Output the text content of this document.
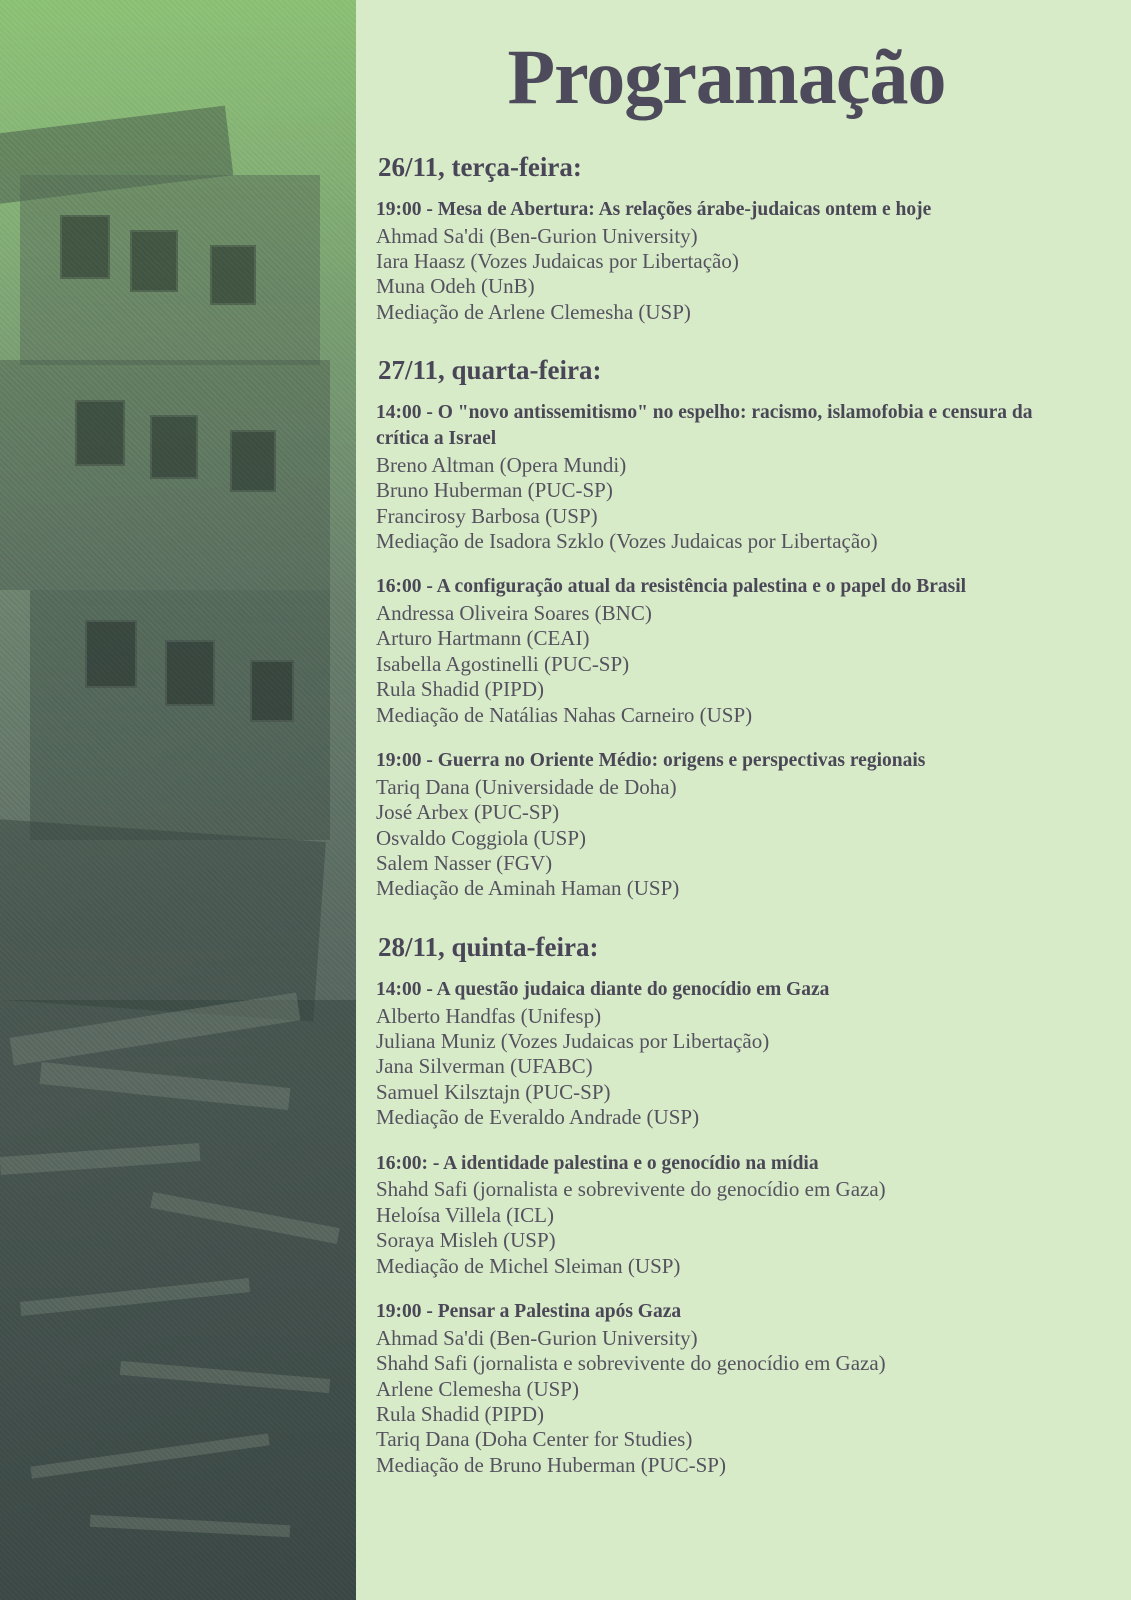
Programação
26/11, terça-feira:
19:00 - Mesa de Abertura: As relações árabe-judaicas ontem e hoje
Ahmad Sa'di (Ben-Gurion University)
Iara Haasz (Vozes Judaicas por Libertação)
Muna Odeh (UnB)
Mediação de Arlene Clemesha (USP)
27/11, quarta-feira:
14:00 - O "novo antissemitismo" no espelho: racismo, islamofobia e censura da crítica a Israel
Breno Altman (Opera Mundi)
Bruno Huberman (PUC-SP)
Francirosy Barbosa (USP)
Mediação de Isadora Szklo (Vozes Judaicas por Libertação)
16:00 - A configuração atual da resistência palestina e o papel do Brasil
Andressa Oliveira Soares (BNC)
Arturo Hartmann (CEAI)
Isabella Agostinelli (PUC-SP)
Rula Shadid (PIPD)
Mediação de Natálias Nahas Carneiro (USP)
19:00 - Guerra no Oriente Médio: origens e perspectivas regionais
Tariq Dana (Universidade de Doha)
José Arbex (PUC-SP)
Osvaldo Coggiola (USP)
Salem Nasser (FGV)
Mediação de Aminah Haman (USP)
28/11, quinta-feira:
14:00 - A questão judaica diante do genocídio em Gaza
Alberto Handfas (Unifesp)
Juliana Muniz (Vozes Judaicas por Libertação)
Jana Silverman (UFABC)
Samuel Kilsztajn (PUC-SP)
Mediação de Everaldo Andrade (USP)
16:00: - A identidade palestina e o genocídio na mídia
Shahd Safi (jornalista e sobrevivente do genocídio em Gaza)
Heloísa Villela (ICL)
Soraya Misleh (USP)
Mediação de Michel Sleiman (USP)
19:00 - Pensar a Palestina após Gaza
Ahmad Sa'di (Ben-Gurion University)
Shahd Safi (jornalista e sobrevivente do genocídio em Gaza)
Arlene Clemesha (USP)
Rula Shadid (PIPD)
Tariq Dana (Doha Center for Studies)
Mediação de Bruno Huberman (PUC-SP)
